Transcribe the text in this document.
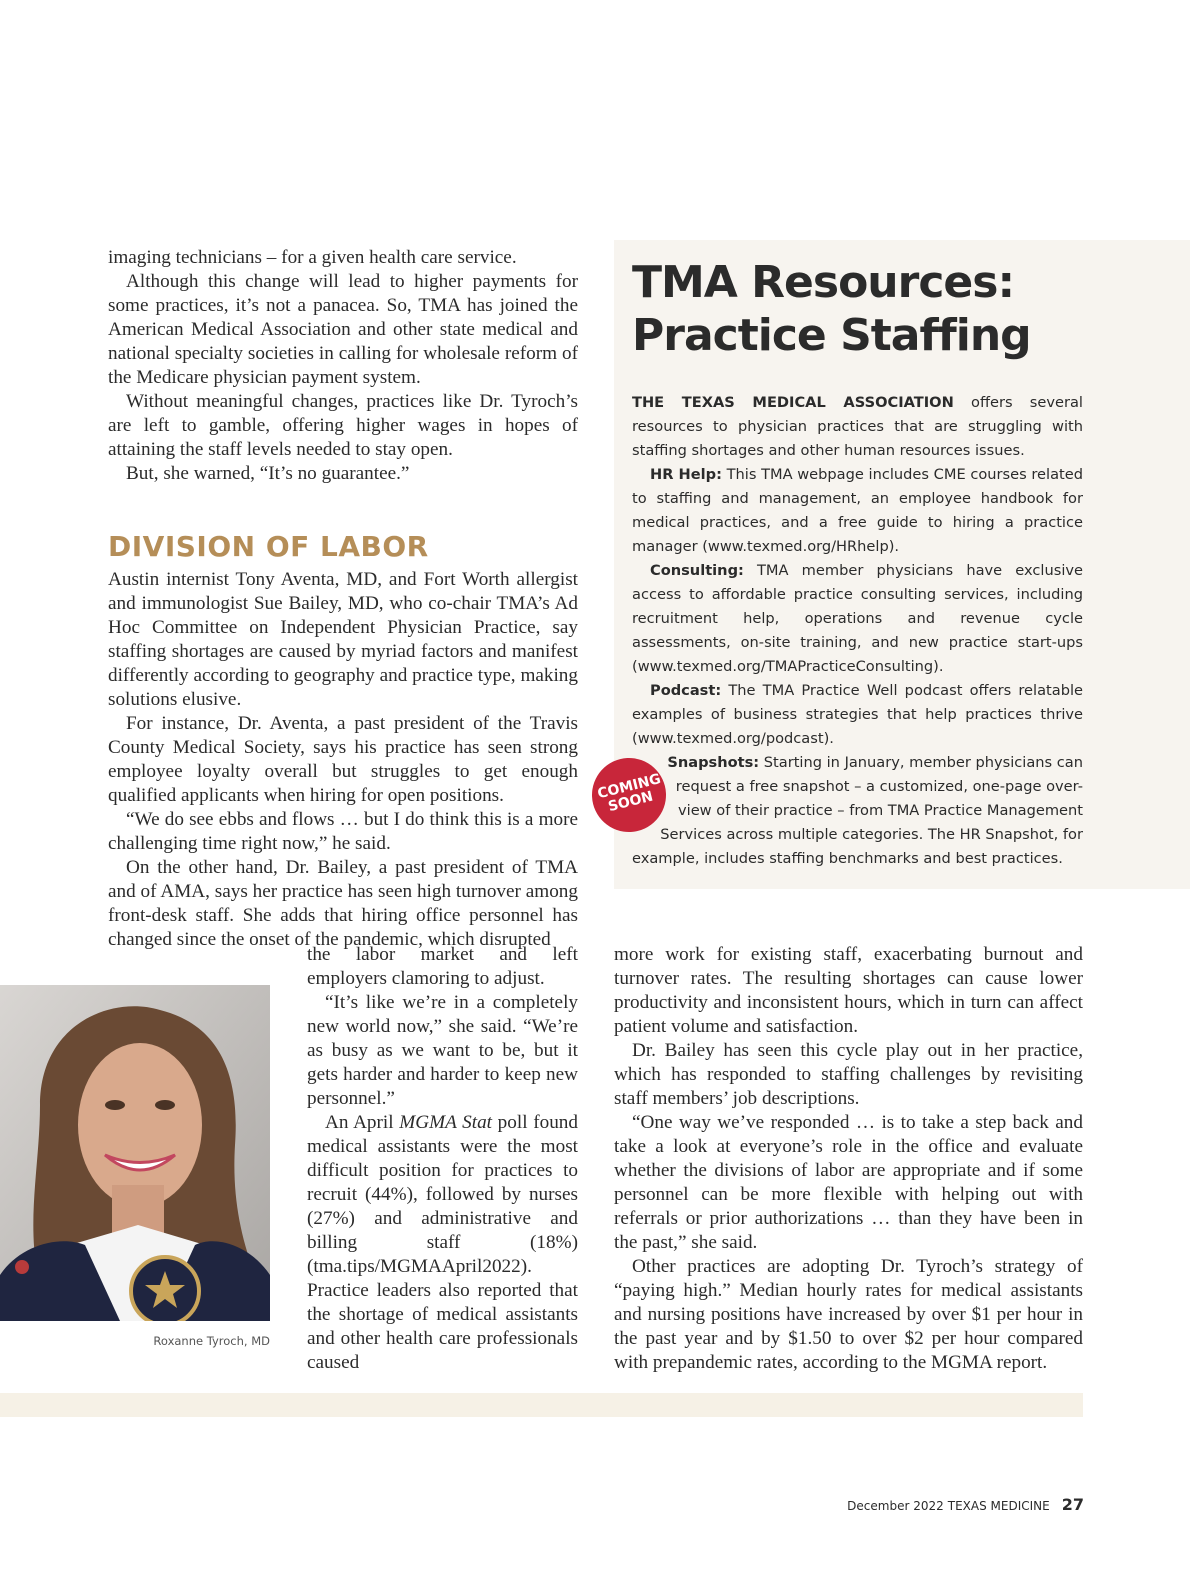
imaging technicians – for a given health care service.

Although this change will lead to higher payments for some practices, it’s not a panacea. So, TMA has joined the American Medical Association and other state medical and national specialty societies in calling for wholesale reform of the Medicare physician payment system.

Without meaningful changes, practices like Dr. Tyroch’s are left to gamble, offering higher wages in hopes of attaining the staff levels needed to stay open.

But, she warned, “It’s no guarantee.”

DIVISION OF LABOR

Austin internist Tony Aventa, MD, and Fort Worth allergist and immunologist Sue Bailey, MD, who co-chair TMA’s Ad Hoc Committee on Independent Physician Practice, say staffing shortages are caused by myriad factors and manifest differently according to geography and practice type, making solutions elusive.

For instance, Dr. Aventa, a past president of the Travis County Medical Society, says his practice has seen strong employee loyalty overall but struggles to get enough qualified applicants when hiring for open positions.

“We do see ebbs and flows … but I do think this is a more challenging time right now,” he said.

On the other hand, Dr. Bailey, a past president of TMA and of AMA, says her practice has seen high turnover among front-desk staff. She adds that hiring office personnel has changed since the onset of the pandemic, which disrupted

the labor market and left employers clamoring to adjust.

“It’s like we’re in a completely new world now,” she said. “We’re as busy as we want to be, but it gets harder and harder to keep new personnel.”

An April MGMA Stat poll found medical assistants were the most difficult position for practices to recruit (44%), followed by nurses (27%) and administrative and billing staff (18%) (tma.tips/MGMAApril2022). Practice leaders also reported that the shortage of medical assistants and other health care professionals caused

more work for existing staff, exacerbating burnout and turnover rates. The resulting shortages can cause lower productivity and inconsistent hours, which in turn can affect patient volume and satisfaction.

Dr. Bailey has seen this cycle play out in her practice, which has responded to staffing challenges by revisiting staff members’ job descriptions.

“One way we’ve responded … is to take a step back and take a look at everyone’s role in the office and evaluate whether the divisions of labor are appropriate and if some personnel can be more flexible with helping out with referrals or prior authorizations … than they have been in the past,” she said.

Other practices are adopting Dr. Tyroch’s strategy of “paying high.” Median hourly rates for medical assistants and nursing positions have increased by over $1 per hour in the past year and by $1.50 to over $2 per hour compared with prepandemic rates, according to the MGMA report.

TMA Resources: Practice Staffing

THE TEXAS MEDICAL ASSOCIATION offers several resources to physician practices that are struggling with staffing shortages and other human resources issues.

HR Help: This TMA webpage includes CME courses related to staffing and management, an employee handbook for medical practices, and a free guide to hiring a practice manager (www.texmed.org/HRhelp).

Consulting: TMA member physicians have exclusive access to affordable practice consulting services, including recruitment help, operations and revenue cycle assessments, on-site training, and new practice start-ups (www.texmed.org/TMAPracticeConsulting).

Podcast: The TMA Practice Well podcast offers relatable examples of business strategies that help practices thrive (www.texmed.org/podcast).

Snapshots: Starting in January, member physicians can
request a free snapshot – a customized, one-page over-
view of their practice – from TMA Practice Management
Services across multiple categories. The HR Snapshot, for
example, includes staffing benchmarks and best practices.
COMING SOON
Roxanne Tyroch, MD
December 2022 TEXAS MEDICINE 27
